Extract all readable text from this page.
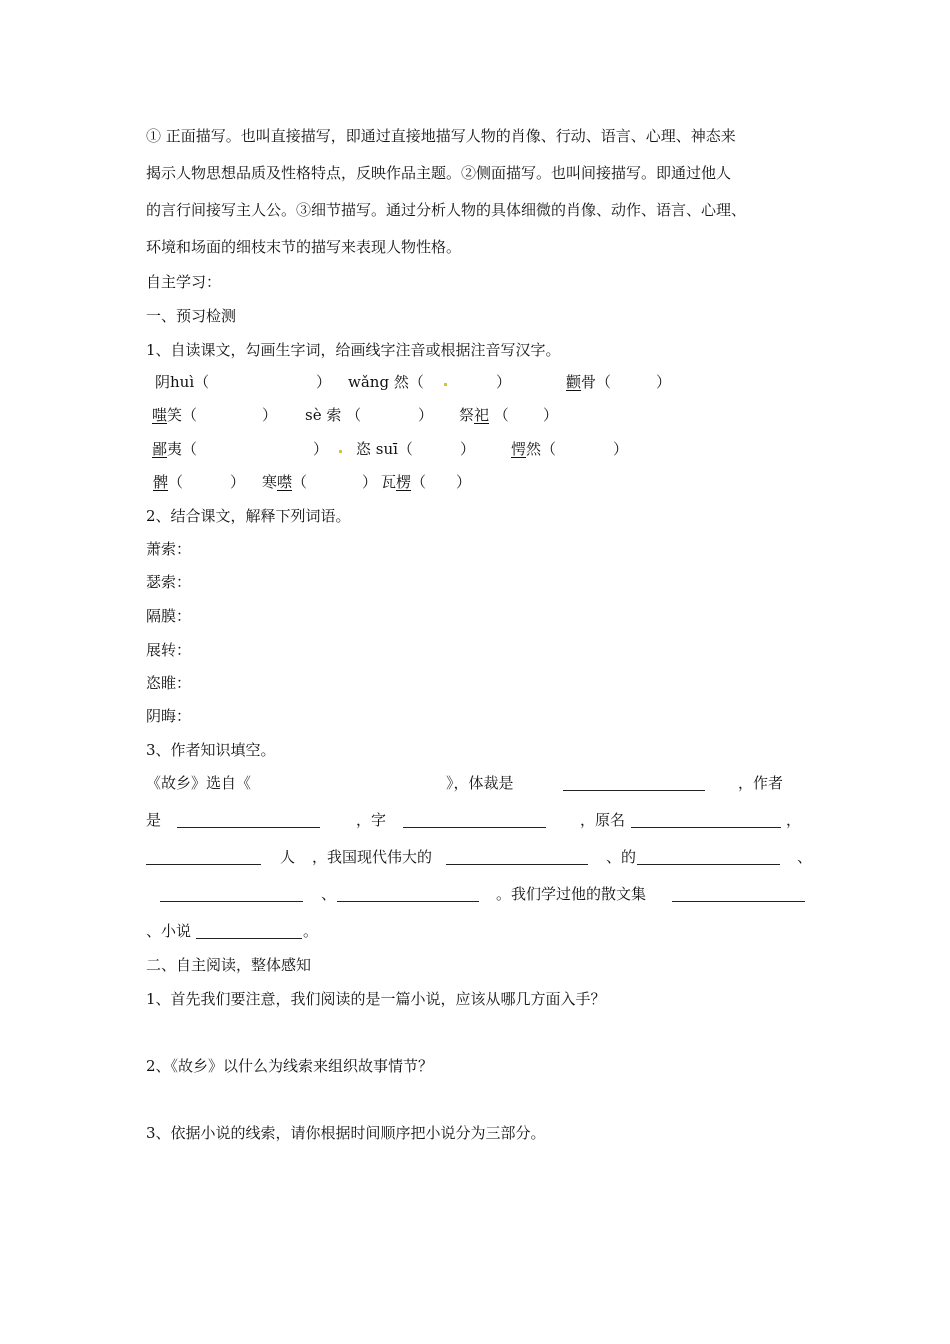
① 正面描写。也叫直接描写，即通过直接地描写人物的肖像、行动、语言、心理、神态来
揭示人物思想品质及性格特点，反映作品主题。②侧面描写。也叫间接描写。即通过他人
的言行间接写主人公。③细节描写。通过分析人物的具体细微的肖像、动作、语言、心理、
环境和场面的细枝末节的描写来表现人物性格。
自主学习：
一、预习检测
1、自读课文，勾画生字词，给画线字注音或根据注音写汉字。
阴huì（	） wǎng 然（	）	颧骨（	）
嗤笑（	） sè 索 （	） 祭祀 （ ）
鄙夷（	） 恣 suī（	） 愕然（	）
髀（	） 寒噤（	） 瓦楞（ ）
2、结合课文，解释下列词语。
萧索：
瑟索：
隔膜：
展转：
恣睢：
阴晦：
3、作者知识填空。
《故乡》选自《	》，体裁是	，作者
是	，字	，原名	，
人 ，我国现代伟大的	、的	、
、	。我们学过他的散文集
、小说	。
二、自主阅读，整体感知
1、首先我们要注意，我们阅读的是一篇小说，应该从哪几方面入手？
2、《故乡》以什么为线索来组织故事情节？
3、依据小说的线索，请你根据时间顺序把小说分为三部分。
